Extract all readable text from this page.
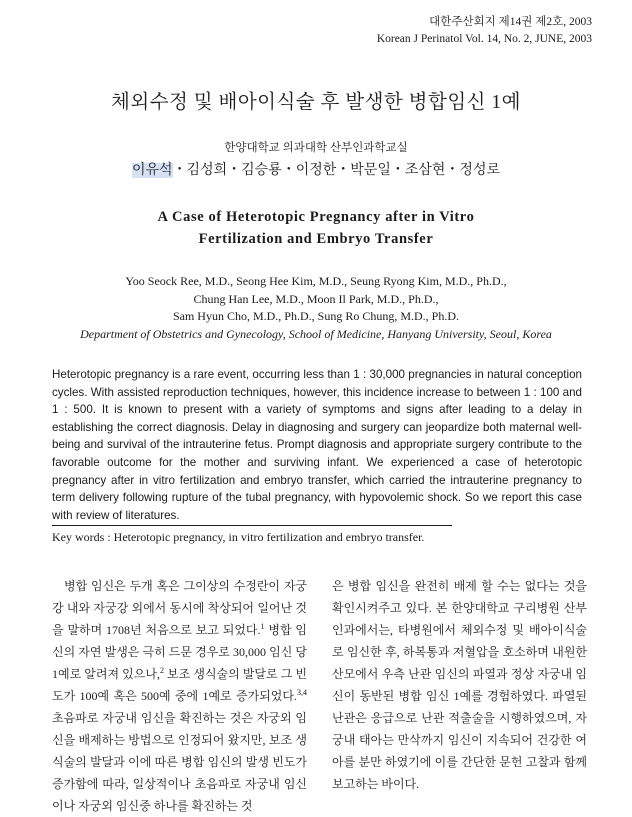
대한주산회지 제14권 제2호, 2003
Korean J Perinatol Vol. 14, No. 2, JUNE, 2003
체외수정 및 배아이식술 후 발생한 병합임신 1예
한양대학교 의과대학 산부인과학교실
이유석・김성희・김승룡・이정한・박문일・조삼현・정성로
A Case of Heterotopic Pregnancy after in Vitro
Fertilization and Embryo Transfer
Yoo Seock Ree, M.D., Seong Hee Kim, M.D., Seung Ryong Kim, M.D., Ph.D.,
Chung Han Lee, M.D., Moon Il Park, M.D., Ph.D.,
Sam Hyun Cho, M.D., Ph.D., Sung Ro Chung, M.D., Ph.D.
Department of Obstetrics and Gynecology, School of Medicine, Hanyang University, Seoul, Korea
Heterotopic pregnancy is a rare event, occurring less than 1 : 30,000 pregnancies in natural conception cycles. With assisted reproduction techniques, however, this incidence increase to between 1 : 100 and 1 : 500. It is known to present with a variety of symptoms and signs after leading to a delay in establishing the correct diagnosis. Delay in diagnosing and surgery can jeopardize both maternal well-being and survival of the intrauterine fetus. Prompt diagnosis and appropriate surgery contribute to the favorable outcome for the mother and surviving infant. We experienced a case of heterotopic pregnancy after in vitro fertilization and embryo transfer, which carried the intrauterine pregnancy to term delivery following rupture of the tubal pregnancy, with hypovolemic shock. So we report this case with review of literatures.
Key words : Heterotopic pregnancy, in vitro fertilization and embryo transfer.

병합 임신은 두개 혹은 그이상의 수정란이 자궁강 내와 자궁강 외에서 동시에 착상되어 일어난 것을 말하며 1708년 처음으로 보고 되었다.$^1$ 병합 임신의 자연 발생은 극히 드문 경우로 30,000 임신 당 1예로 알려져 있으나,$^2$ 보조 생식술의 발달로 그 빈도가 100예 혹은 500예 중에 1예로 증가되었다.$^{3,4}$ 초음파로 자궁내 임신을 확진하는 것은 자궁외 임신을 배제하는 방법으로 인정되어 왔지만, 보조 생식술의 발달과 이에 따른 병합 임신의 발생 빈도가 증가함에 따라, 일상적이나 초음파로 자궁내 임신이나 자궁외 임신중 하나를 확진하는 것

은 병합 임신을 완전히 배제 할 수는 없다는 것을 확인시켜주고 있다. 본 한양대학교 구리병원 산부인과에서는, 타병원에서 체외수정 및 배아이식술로 임신한 후, 하복통과 저혈압을 호소하며 내원한 산모에서 우측 난관 임신의 파열과 정상 자궁내 임신이 동반된 병합 임신 1예를 경험하였다. 파열된 난관은 응급으로 난관 적출술을 시행하였으며, 자궁내 태아는 만삭까지 임신이 지속되어 건강한 여아를 분만 하였기에 이를 간단한 문헌 고찰과 함께 보고하는 바이다.
